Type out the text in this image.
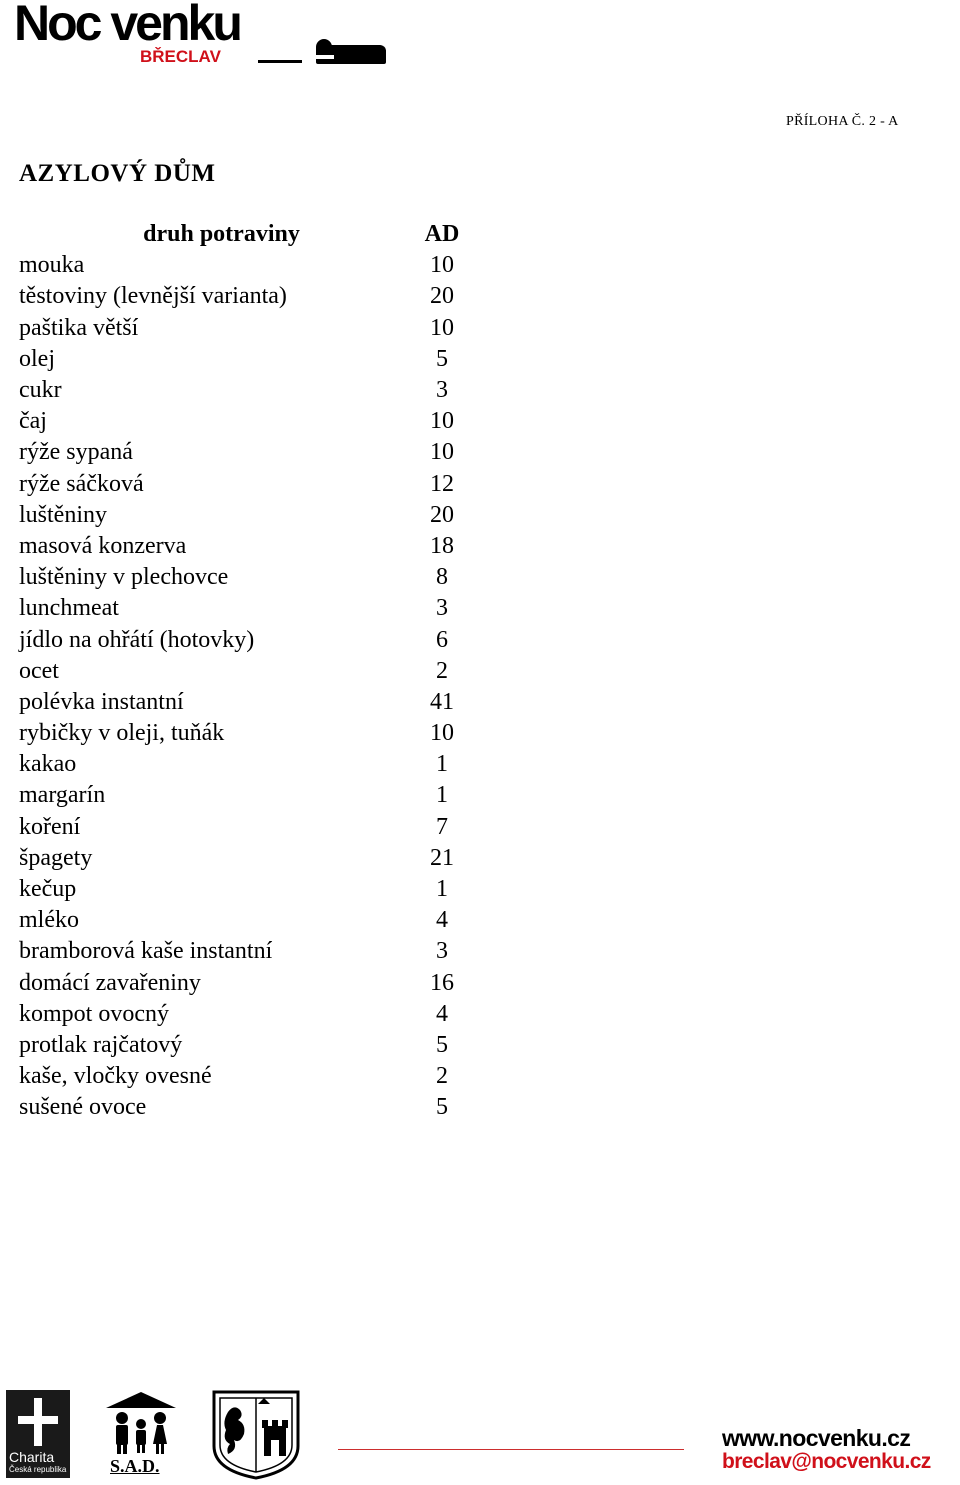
Noc venku
BŘECLAV
PŘÍLOHA Č. 2 - A
AZYLOVÝ DŮM
druh potraviny	AD
mouka	10
těstoviny (levnější varianta)	20
paštika větší	10
olej	5
cukr	3
čaj	10
rýže sypaná	10
rýže sáčková	12
luštěniny	20
masová konzerva	18
luštěniny v plechovce	8
lunchmeat	3
jídlo na ohřátí (hotovky)	6
ocet	2
polévka instantní	41
rybičky v oleji, tuňák	10
kakao	1
margarín	1
koření	7
špagety	21
kečup	1
mléko	4
bramborová kaše instantní	3
domácí zavařeniny	16
kompot ovocný	4
protlak rajčatový	5
kaše, vločky ovesné	2
sušené ovoce	5
Charita
Česká republika S.A.D.
www.nocvenku.cz
breclav@nocvenku.cz
